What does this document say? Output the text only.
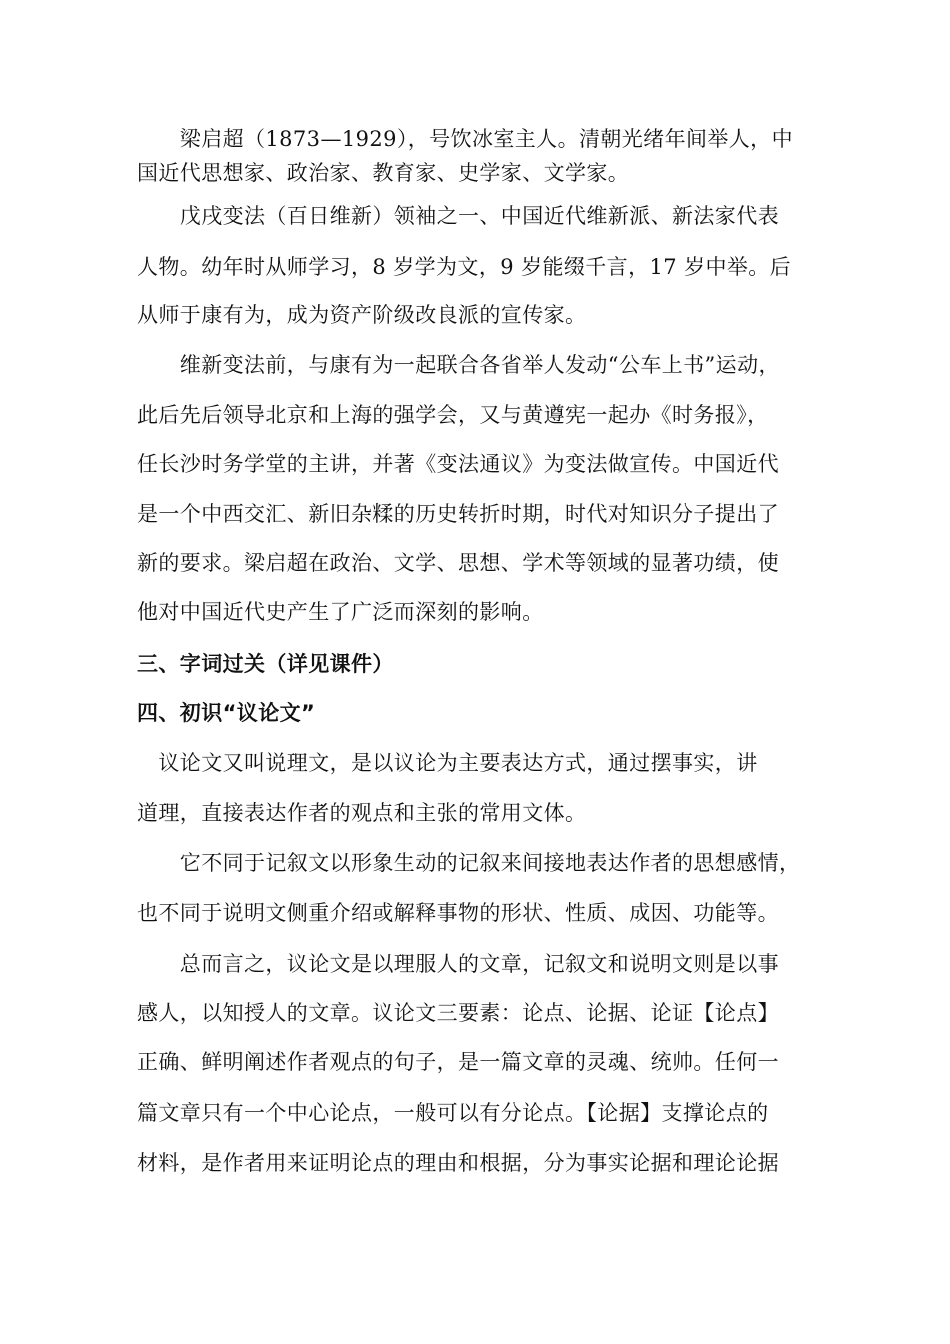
　　梁启超（1873—1929），号饮冰室主人。清朝光绪年间举人，中
国近代思想家、政治家、教育家、史学家、文学家。
　　戊戌变法（百日维新）领袖之一、中国近代维新派、新法家代表
人物。幼年时从师学习，8 岁学为文，9 岁能缀千言，17 岁中举。后
从师于康有为，成为资产阶级改良派的宣传家。
　　维新变法前，与康有为一起联合各省举人发动“公车上书”运动，
此后先后领导北京和上海的强学会，又与黄遵宪一起办《时务报》，
任长沙时务学堂的主讲，并著《变法通议》为变法做宣传。中国近代
是一个中西交汇、新旧杂糅的历史转折时期，时代对知识分子提出了
新的要求。梁启超在政治、文学、思想、学术等领域的显著功绩，使
他对中国近代史产生了广泛而深刻的影响。
三、字词过关（详见课件）
四、初识“议论文”
　议论文又叫说理文，是以议论为主要表达方式，通过摆事实，讲
道理，直接表达作者的观点和主张的常用文体。
　　它不同于记叙文以形象生动的记叙来间接地表达作者的思想感情，
也不同于说明文侧重介绍或解释事物的形状、性质、成因、功能等。
　　总而言之，议论文是以理服人的文章，记叙文和说明文则是以事
感人，以知授人的文章。议论文三要素：论点、论据、论证【论点】
正确、鲜明阐述作者观点的句子，是一篇文章的灵魂、统帅。任何一
篇文章只有一个中心论点，一般可以有分论点。【论据】支撑论点的
材料，是作者用来证明论点的理由和根据，分为事实论据和理论论据
